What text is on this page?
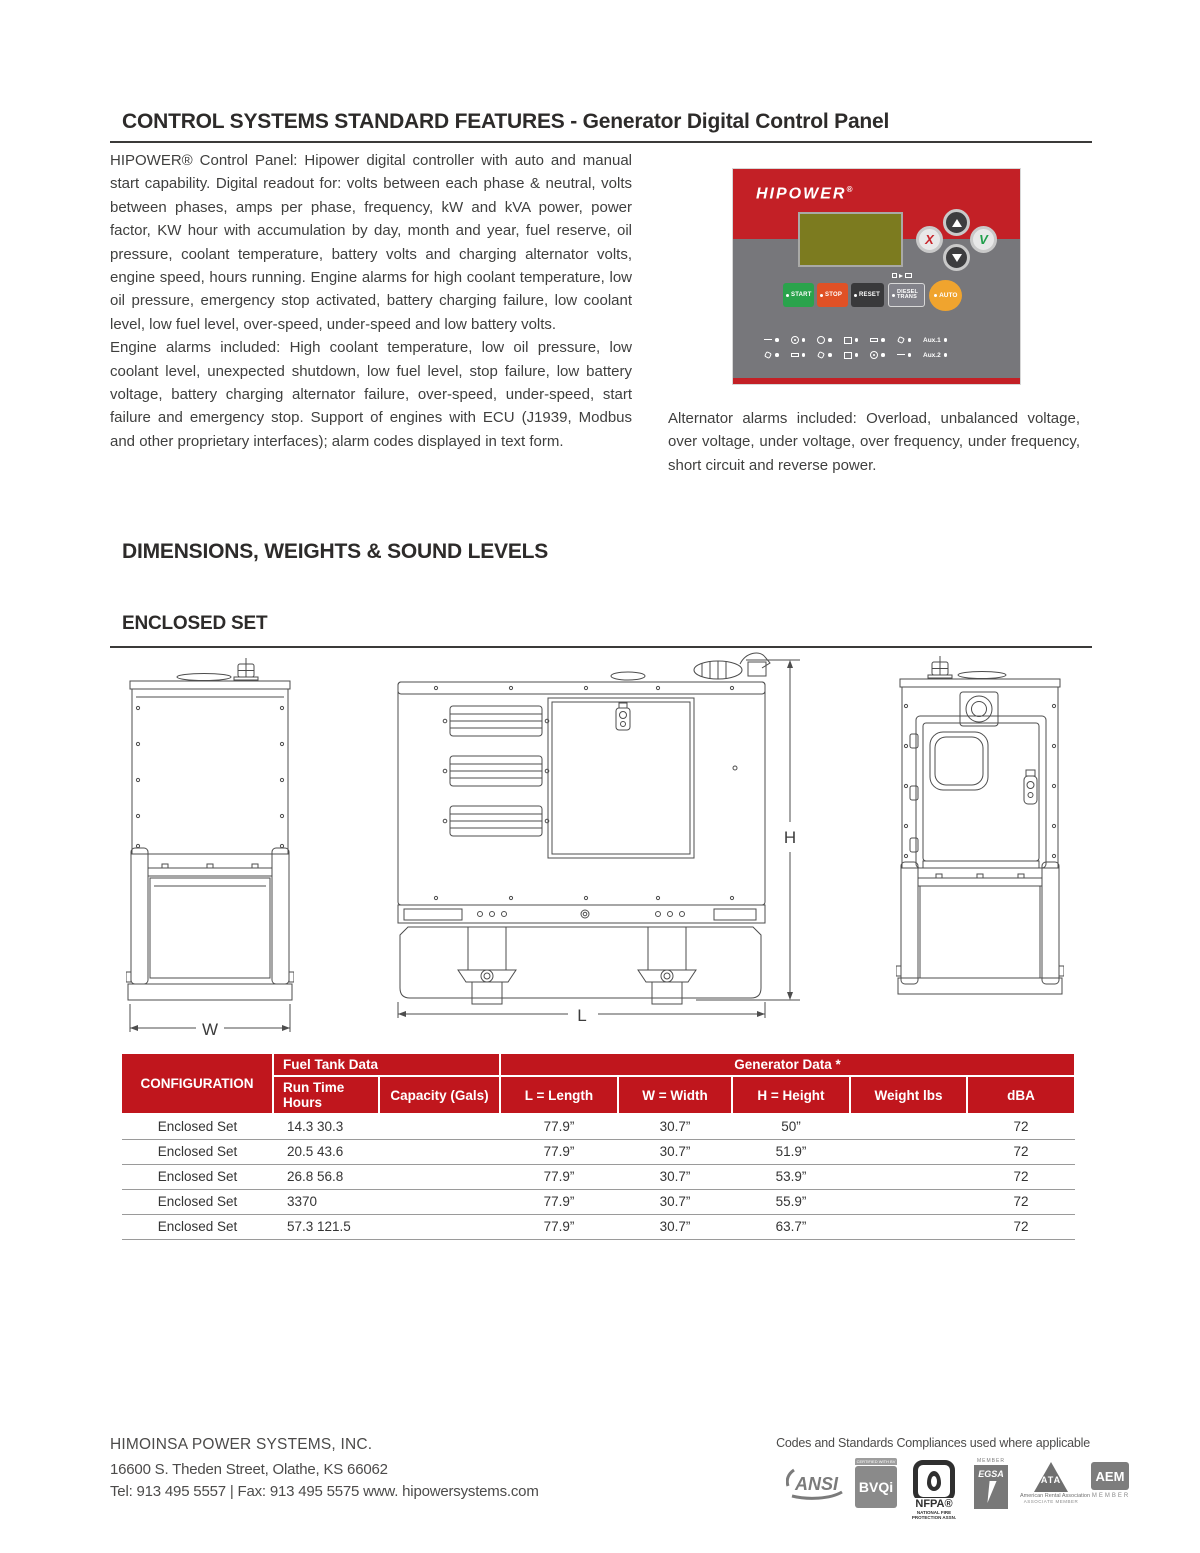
CONTROL SYSTEMS STANDARD FEATURES - Generator Digital Control Panel

HIPOWER® Control Panel: Hipower digital controller with auto and manual start capability. Digital readout for: volts between each phase & neutral, volts between phases, amps per phase, frequency, kW and kVA power, power factor, KW hour with accumulation by day, month and year, fuel reserve, oil pressure, coolant temperature, battery volts and charging alternator volts, engine speed, hours running. Engine alarms for high coolant temperature, low oil pressure, emergency stop activated, battery charging failure, low coolant level, low fuel level, over-speed, under-speed and low battery volts.

Engine alarms included: High coolant temperature, low oil pressure, low coolant level, unexpected shutdown, low fuel level, stop failure, low battery voltage, battery charging alternator failure, over-speed, under-speed, start failure and emergency stop. Support of engines with ECU (J1939, Modbus and other proprietary interfaces); alarm codes displayed in text form.

HIPOWER®
X	V
START STOP	RESET
DIESEL TRANS	AUTO
Aux.1
Aux.2

Alternator alarms included: Overload, unbalanced voltage, over voltage, under voltage, over frequency, under frequency, short circuit and reverse power.

DIMENSIONS, WEIGHTS & SOUND LEVELS
ENCLOSED SET
W
L
H
CONFIGURATION	Fuel Tank Data		Generator Data *				

	Run Time
Hours	Capacity (Gals)	L = Length	W = Width	H = Height	Weight lbs	dBA
Enclosed Set	14.3 30.3		77.9”	30.7”	50”		72
Enclosed Set	20.5 43.6		77.9”	30.7”	51.9”		72
Enclosed Set	26.8 56.8		77.9”	30.7”	53.9”		72
Enclosed Set	3370		77.9”	30.7”	55.9”		72
Enclosed Set	57.3 121.5		77.9”	30.7”	63.7”		72
HIMOINSA POWER SYSTEMS, INC.
16600 S. Theden Street, Olathe, KS 66062
Tel: 913 495 5557 | Fax: 913 495 5575 www. hipowersystems.com
Codes and Standards Compliances used where applicable
ANSI
CERTIFIED WITH BV
BVQi
NFPA®
NATIONAL FIRE PROTECTION ASSN.
MEMBER
EGSA
ATA
American Rental Association
ASSOCIATE MEMBER
AEM
MEMBER
